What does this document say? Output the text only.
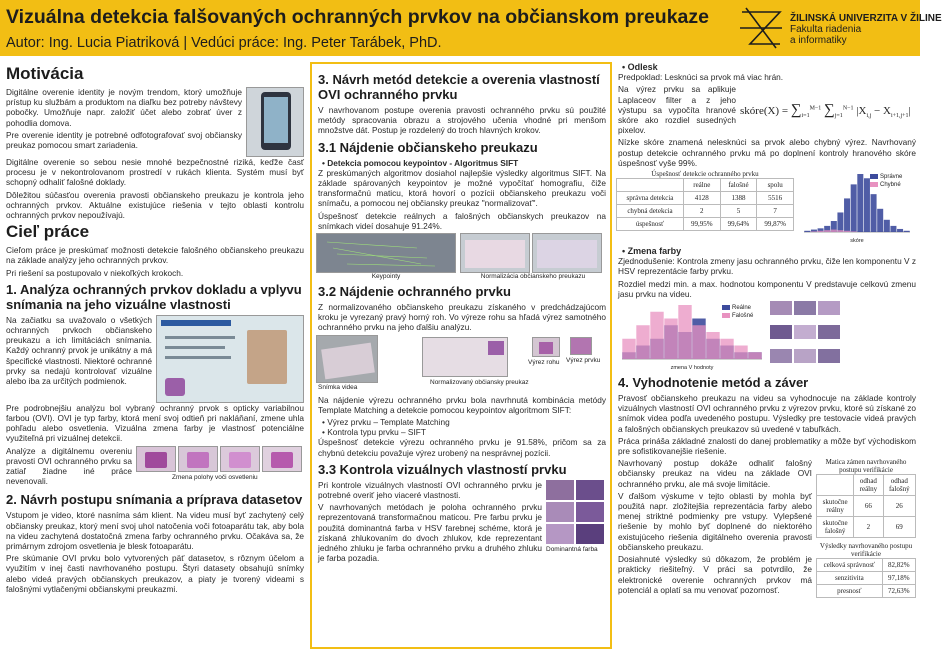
Vizuálna detekcia falšovaných ochranných prvkov na občianskom preukaze
Autor: Ing. Lucia Piatriková | Vedúci práce: Ing. Peter Tarábek, PhD.
ŽILINSKÁ UNIVERZITA V ŽILINE
Fakulta riadenia
a informatiky
Motivácia

Digitálne overenie identity je novým trendom, ktorý umožňuje prístup ku službám a produktom na diaľku bez potreby návštevy pobočky. Umožňuje napr. založiť účet alebo zobrať úver z pohodlia domova.

Pre overenie identity je potrebné odfotografovať svoj občiansky preukaz pomocou smart zariadenia.

Digitálne overenie so sebou nesie mnohé bezpečnostné riziká, keďže časť procesu je v nekontrolovanom prostredí v rukách klienta. Systém musí byť schopný odhaliť falošné doklady.

Dôležitou súčasťou overenia pravosti občianskeho preukazu je kontrola jeho ochranných prvkov. Aktuálne existujúce riešenia v tejto oblasti kontrolu ochranných prvkov nepoužívajú.

Cieľ práce

Cieľom práce je preskúmať možnosti detekcie falošného občianskeho preukazu na základe analýzy jeho ochranných prvkov.

Pri riešení sa postupovalo v niekoľkých krokoch.

1. Analýza ochranných prvkov dokladu a vplyvu snímania na jeho vizuálne vlastnosti

Na začiatku sa uvažovalo o všetkých ochranných prvkoch občianskeho preukazu a ich limitáciách snímania. Každý ochranný prvok je unikátny a má špecifické vlastnosti. Niektoré ochranné prvky sa nedajú kontrolovať vizuálne alebo iba za určitých podmienok.

Pre podrobnejšiu analýzu bol vybraný ochranný prvok s opticky variabilnou farbou (OVI). OVI je typ farby, ktorá mení svoj odtieň pri nakláňaní, zmene uhla pohľadu alebo osvetlenia. Vizuálna zmena farby je vlastnosť potenciálne využiteľná pri vizuálnej detekcii.

Analýze a digitálnemu overeniu pravosti OVI ochranného prvku sa zatiaľ žiadne iné práce nevenovali.	Zmena polohy voči osvetleniu
2. Návrh postupu snímania a príprava datasetov

Vstupom je video, ktoré nasníma sám klient. Na videu musí byť zachytený celý občiansky preukaz, ktorý mení svoj uhol natočenia voči fotoaparátu tak, aby bola na videu zachytená dostatočná zmena farby ochranného prvku. Očakáva sa, že primárnym zdrojom osvetlenia je blesk fotoaparátu.

Pre skúmanie OVI prvku bolo vytvorených päť datasetov, s rôznym účelom a využitím v inej časti navrhovaného postupu. Štyri datasety obsahujú snímky alebo videá pravých občianskych preukazov, a piaty je tvorený videami s falošnými vytlačenými občianskymi preukazmi.

3. Návrh metód detekcie a overenia vlastností OVI ochranného prvku

V navrhovanom postupe overenia pravosti ochranného prvku sú použité metódy spracovania obrazu a strojového učenia vhodné pri menšom množstve dát. Postup je rozdelený do troch hlavných krokov.

3.1 Nájdenie občianskeho preukazu
• Detekcia pomocou keypointov - Algoritmus SIFT

Z preskúmaných algoritmov dosiahol najlepšie výsledky algoritmus SIFT. Na základe spárovaných keypointov je možné vypočítať homografiu, čiže transformačnú maticu, ktorá hovorí o pozícii občianskeho preukazu voči snímaču, a pomocou nej občiansky preukaz "normalizovať".

Úspešnosť detekcie reálnych a falošných občianskych preukazov na snímkach videí dosahuje 91.24%.

Keypointy	Normalizácia občianskeho preukazu
3.2 Nájdenie ochranného prvku

Z normalizovaného občianskeho preukazu získaného v predchádzajúcom kroku je vyrezaný pravý horný roh. Vo výreze rohu sa hľadá výrez samotného ochranného prvku na jeho ďalšiu analýzu.

Snímka videa
Normalizovaný občiansky preukaz
Výrez rohu Výrez prvku

Na nájdenie výrezu ochranného prvku bola navrhnutá kombinácia metódy Template Matching a detekcie pomocou keypointov algoritmom SIFT:

• Výrez prvku – Template Matching
• Kontrola typu prvku – SIFT

Úspešnosť detekcie výrezu ochranného prvku je 91.58%, pričom sa za chybnú detekciu považuje výrez urobený na nesprávnej pozícii.

3.3 Kontrola vizuálnych vlastností prvku

Pri kontrole vizuálnych vlastností OVI ochranného prvku je potrebné overiť jeho viaceré vlastnosti.

V navrhovaných metódach je poloha ochranného prvku reprezentovaná transformačnou maticou. Pre farbu prvku je použitá dominantná farba v HSV farebnej schéme, ktorá je získaná zhlukovaním do dvoch zhlukov, kde reprezentant jedného zhluku je farba ochranného prvku a druhého zhluku je farba pozadia.

Dominantná farba
• Odlesk

Predpoklad: Lesknúci sa prvok má viac hrán.

Na výrez prvku sa aplikuje Laplaceov filter a z jeho výstupu sa vypočíta hranové skóre ako rozdiel susedných pixelov.

skóre(X) = $\sum_{i=1}^{M-1}$ $\sum_{j=1}^{N-1}$ $|X_{i,j} - X_{i+1,j+1}|$

Nízke skóre znamená nelesknúci sa prvok alebo chybný výrez. Navrhovaný postup detekcie ochranného prvku má po doplnení kontroly hranového skóre úspešnosť vyše 99%.

Úspešnosť detekcie ochranného prvku
	reálne	falošné	spolu
správna detekcia	4128	1388	5516
chybná detekcia	2	5	7
úspešnosť	99,95%	99,64%	99,87%
Správne
Chybné
skóre
• Zmena farby

Zjednodušenie: Kontrola zmeny jasu ochranného prvku, čiže len komponentu V z HSV reprezentácie farby prvku.

Rozdiel medzi min. a max. hodnotou komponentu V predstavuje celkovú zmenu jasu prvku na videu.

Reálne
Falošné
zmena V hodnoty
4. Vyhodnotenie metód a záver

Pravosť občianskeho preukazu na videu sa vyhodnocuje na základe kontroly vizuálnych vlastností OVI ochranného prvku z výrezov prvku, ktoré sú získané zo snímok videa podľa uvedeného postupu. Výsledky pre testovacie videá pravých a falošných občianskych preukazov sú uvedené v tabuľkách.

Práca prináša základné znalosti do danej problematiky a môže byť východiskom pre sofistikovanejšie riešenie.

Navrhovaný postup dokáže odhaliť falošný občiansky preukaz na videu na základe OVI ochranného prvku, ale má svoje limitácie.

V ďalšom výskume v tejto oblasti by mohla byť použitá napr. zložitejšia reprezentácia farby alebo menej striktné podmienky pre vstupy. Vylepšené riešenie by mohlo byť doplnené do niektorého existujúceho riešenia digitálneho overenia pravosti občianskeho preukazu.

Dosiahnuté výsledky sú dôkazom, že problém je prakticky riešiteľný. V práci sa potvrdilo, že elektronické overenie ochranných prvkov má potenciál a oplatí sa mu venovať pozornosť.

Matica zámen navrhovaného postupu verifikácie
	odhad reálny	odhad falošný
skutočne reálny	66	26
skutočne falošný	2	69
Výsledky navrhovaného postupu verifikácie
celková správnosť	82,82%
senzitivita	97,18%
presnosť	72,63%
